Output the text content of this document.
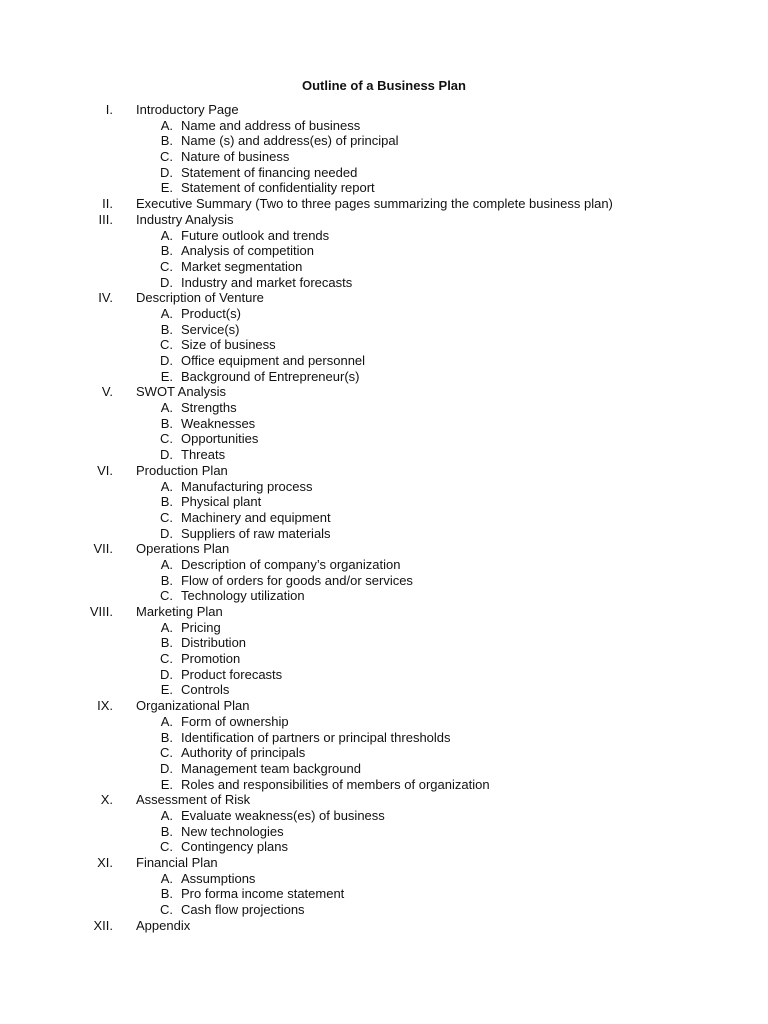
Outline of a Business Plan
I. Introductory Page
A. Name and address of business
B. Name (s) and address(es) of principal
C. Nature of business
D. Statement of financing needed
E. Statement of confidentiality report
II. Executive Summary (Two to three pages summarizing the complete business plan)
III. Industry Analysis
A. Future outlook and trends
B. Analysis of competition
C. Market segmentation
D. Industry and market forecasts
IV. Description of Venture
A. Product(s)
B. Service(s)
C. Size of business
D. Office equipment and personnel
E. Background of Entrepreneur(s)
V. SWOT Analysis
A. Strengths
B. Weaknesses
C. Opportunities
D. Threats
VI. Production Plan
A. Manufacturing process
B. Physical plant
C. Machinery and equipment
D. Suppliers of raw materials
VII. Operations Plan
A. Description of company’s organization
B. Flow of orders for goods and/or services
C. Technology utilization
VIII. Marketing Plan
A. Pricing
B. Distribution
C. Promotion
D. Product forecasts
E. Controls
IX. Organizational Plan
A. Form of ownership
B. Identification of partners or principal thresholds
C. Authority of principals
D. Management team background
E. Roles and responsibilities of members of organization
X. Assessment of Risk
A. Evaluate weakness(es) of business
B. New technologies
C. Contingency plans
XI. Financial Plan
A. Assumptions
B. Pro forma income statement
C. Cash flow projections
XII. Appendix
